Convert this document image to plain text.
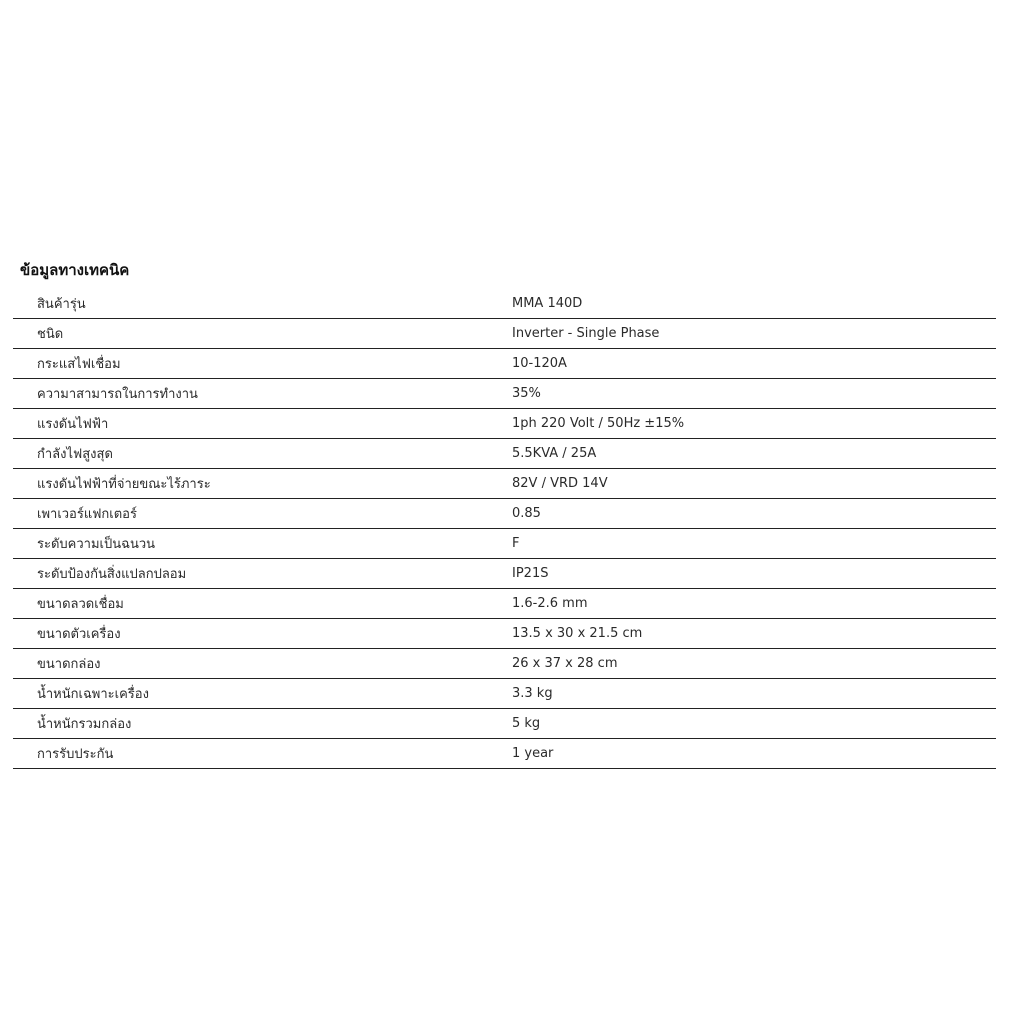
ข้อมูลทางเทคนิค
สินค้ารุ่น	MMA 140D
ชนิด	Inverter - Single Phase
กระแสไฟเชื่อม	10-120A
ความาสามารถในการทำงาน	35%
แรงดันไฟฟ้า	1ph 220 Volt / 50Hz ±15%
กำลังไฟสูงสุด	5.5KVA / 25A
แรงดันไฟฟ้าที่จ่ายขณะไร้ภาระ	82V / VRD 14V
เพาเวอร์แฟกเตอร์	0.85
ระดับความเป็นฉนวน	F
ระดับป้องกันสิ่งแปลกปลอม	IP21S
ขนาดลวดเชื่อม	1.6-2.6 mm
ขนาดตัวเครื่อง	13.5 x 30 x 21.5 cm
ขนาดกล่อง	26 x 37 x 28 cm
น้ำหนักเฉพาะเครื่อง	3.3 kg
น้ำหนักรวมกล่อง	5 kg
การรับประกัน	1 year
